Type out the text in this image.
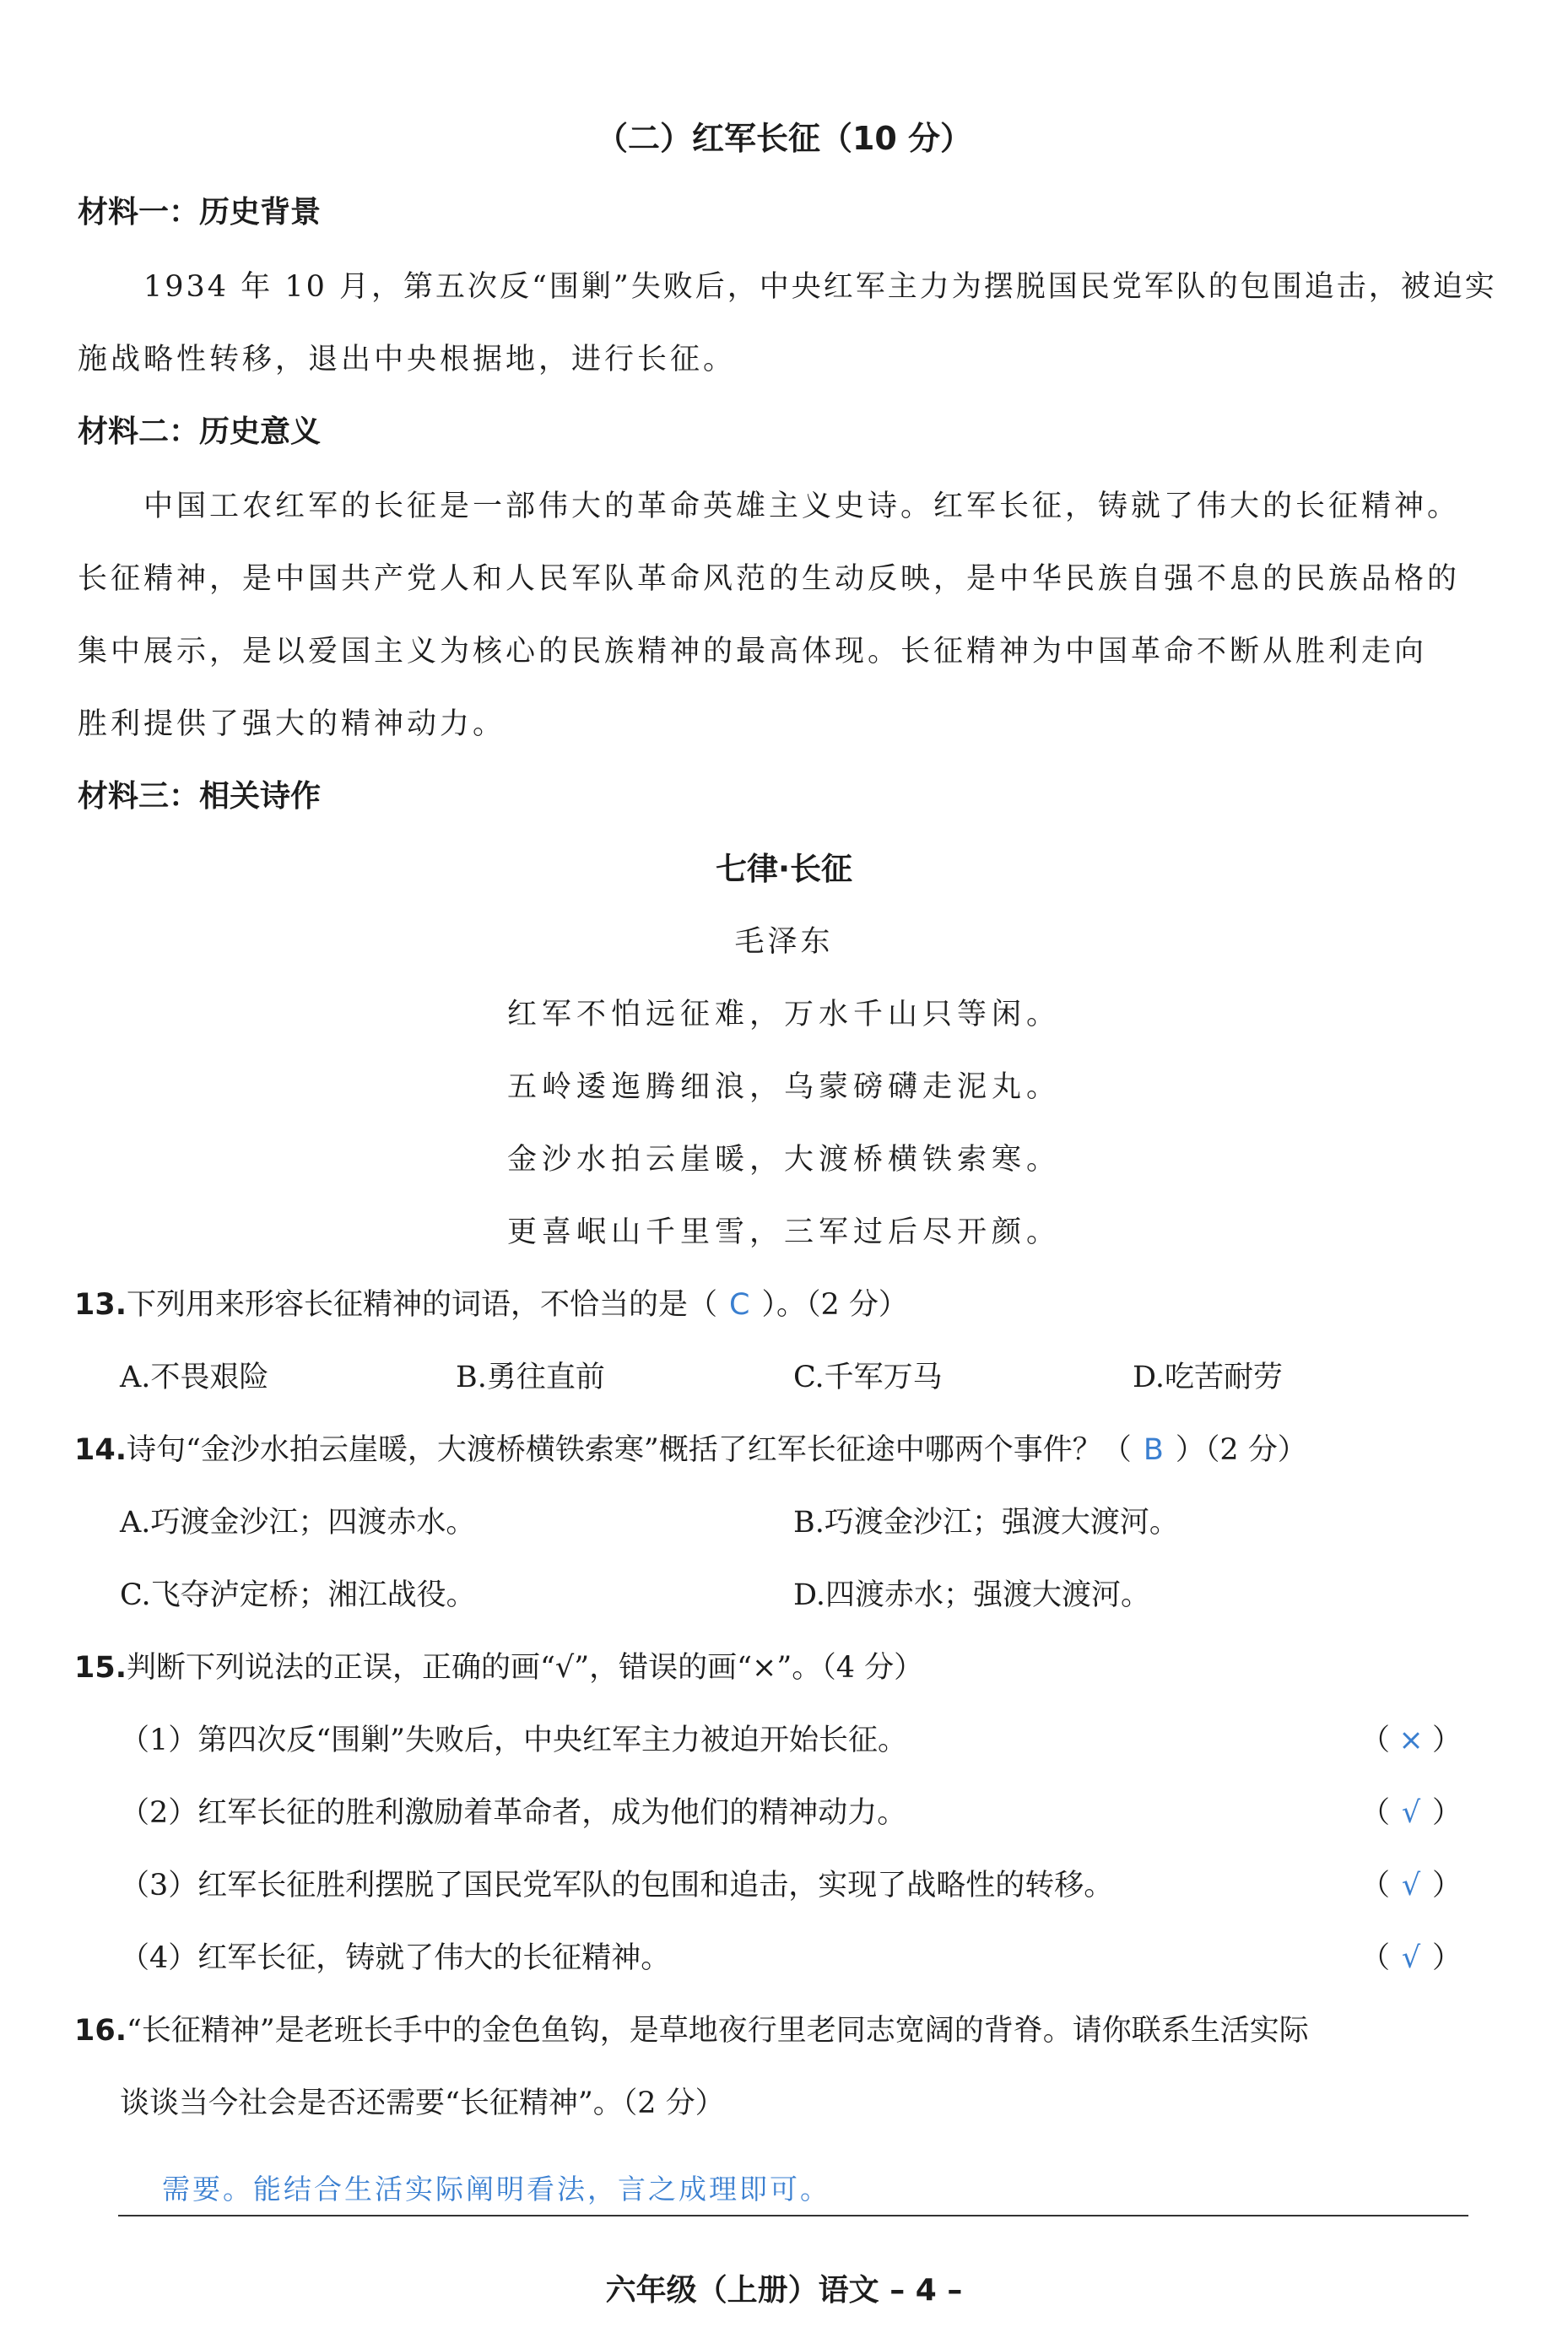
（二）红军长征（10 分）
材料一：历史背景
1934 年 10 月，第五次反“围剿”失败后，中央红军主力为摆脱国民党军队的包围追击，被迫实
施战略性转移，退出中央根据地，进行长征。
材料二：历史意义
中国工农红军的长征是一部伟大的革命英雄主义史诗。红军长征，铸就了伟大的长征精神。
长征精神，是中国共产党人和人民军队革命风范的生动反映，是中华民族自强不息的民族品格的
集中展示，是以爱国主义为核心的民族精神的最高体现。长征精神为中国革命不断从胜利走向
胜利提供了强大的精神动力。
材料三：相关诗作
七律·长征
毛泽东
红军不怕远征难，万水千山只等闲。
五岭逶迤腾细浪，乌蒙磅礴走泥丸。
金沙水拍云崖暖，大渡桥横铁索寒。
更喜岷山千里雪，三军过后尽开颜。
13.下列用来形容长征精神的词语，不恰当的是（ C ）。（2 分）
A.不畏艰险	B.勇往直前	C.千军万马	D.吃苦耐劳
14.诗句“金沙水拍云崖暖，大渡桥横铁索寒”概括了红军长征途中哪两个事件？（ B ）（2 分）
A.巧渡金沙江；四渡赤水。	B.巧渡金沙江；强渡大渡河。
C.飞夺泸定桥；湘江战役。	D.四渡赤水；强渡大渡河。
15.判断下列说法的正误，正确的画“√”，错误的画“×”。（4 分）
（1）第四次反“围剿”失败后，中央红军主力被迫开始长征。	（ × ）
（2）红军长征的胜利激励着革命者，成为他们的精神动力。	（ √ ）
（3）红军长征胜利摆脱了国民党军队的包围和追击，实现了战略性的转移。	（ √ ）
（4）红军长征，铸就了伟大的长征精神。	（ √ ）
16.“长征精神”是老班长手中的金色鱼钩，是草地夜行里老同志宽阔的背脊。请你联系生活实际
谈谈当今社会是否还需要“长征精神”。（2 分）
需要。能结合生活实际阐明看法，言之成理即可。
六年级（上册）语文 – 4 –
